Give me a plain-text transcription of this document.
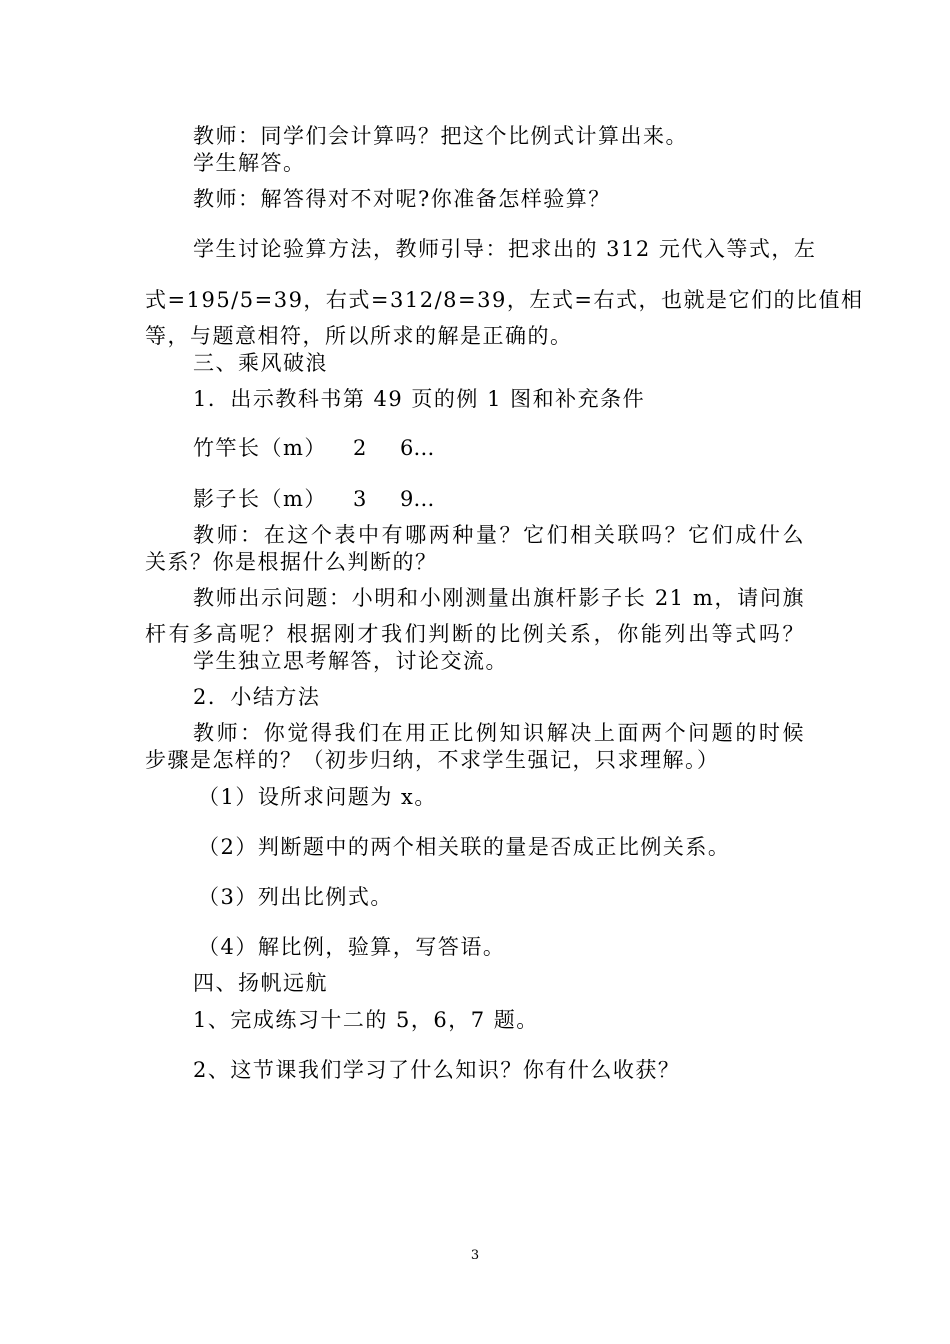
教师：同学们会计算吗？把这个比例式计算出来。

学生解答。

教师：解答得对不对呢?你准备怎样验算？

学生讨论验算方法，教师引导：把求出的 312 元代入等式，左

式=195/5=39，右式=312/8=39，左式=右式，也就是它们的比值相

等，与题意相符，所以所求的解是正确的。

三、乘风破浪

1．出示教科书第 49 页的例 1 图和补充条件

竹竿长（m） 2 6…
影子长（m） 3 9…

教师：在这个表中有哪两种量？它们相关联吗？它们成什么

关系？你是根据什么判断的？

教师出示问题：小明和小刚测量出旗杆影子长 21 m，请问旗

杆有多高呢？根据刚才我们判断的比例关系，你能列出等式吗？

学生独立思考解答，讨论交流。

2．小结方法

教师：你觉得我们在用正比例知识解决上面两个问题的时候

步骤是怎样的？（初步归纳，不求学生强记，只求理解。）

（1）设所求问题为 x。

（2）判断题中的两个相关联的量是否成正比例关系。

（3）列出比例式。

（4）解比例，验算，写答语。

四、扬帆远航

1、完成练习十二的 5，6，7 题。

2、这节课我们学习了什么知识？你有什么收获？

3
